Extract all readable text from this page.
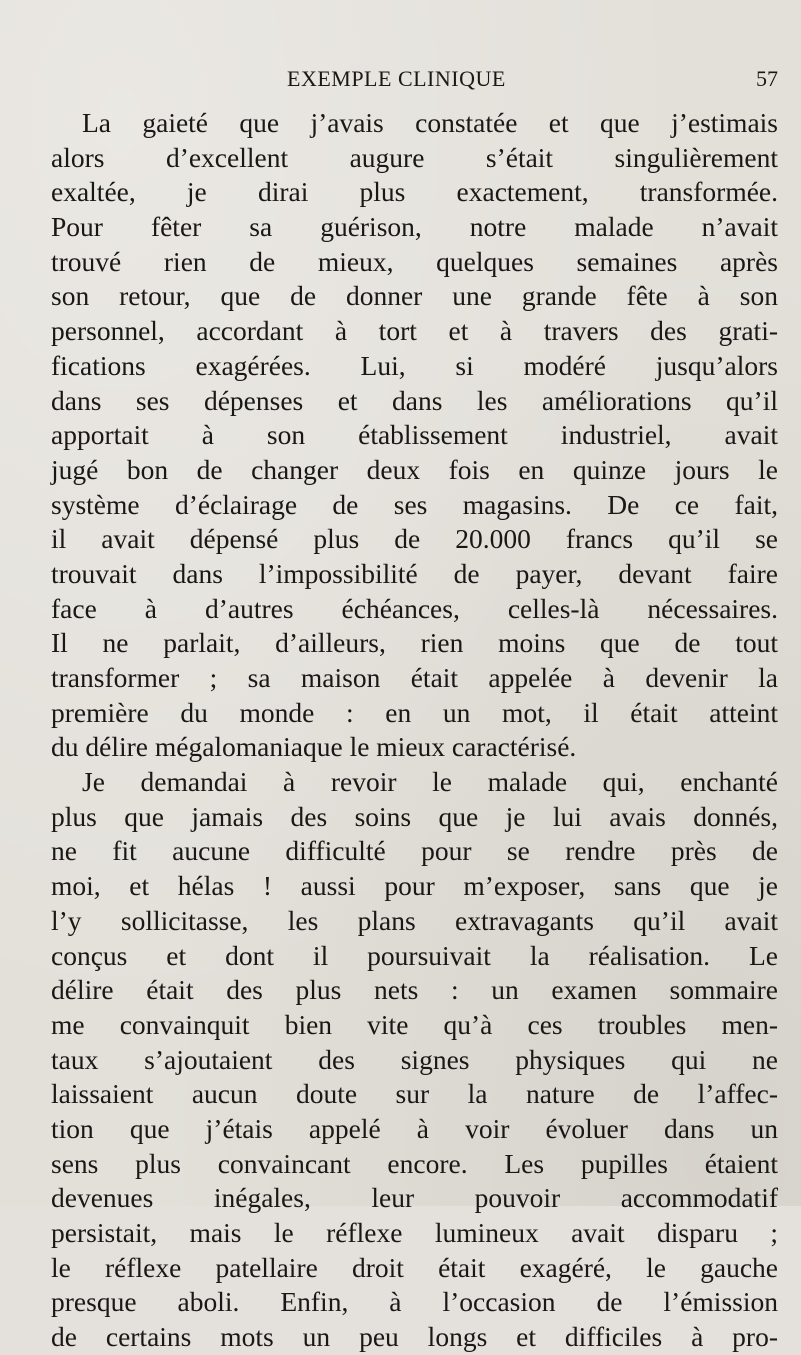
EXEMPLE CLINIQUE	57
La gaieté que j’avais constatée et que j’estimais
alors d’excellent augure s’était singulièrement
exaltée, je dirai plus exactement, transformée.
Pour fêter sa guérison, notre malade n’avait
trouvé rien de mieux, quelques semaines après
son retour, que de donner une grande fête à son
personnel, accordant à tort et à travers des grati-
fications exagérées. Lui, si modéré jusqu’alors
dans ses dépenses et dans les améliorations qu’il
apportait à son établissement industriel, avait
jugé bon de changer deux fois en quinze jours le
système d’éclairage de ses magasins. De ce fait,
il avait dépensé plus de 20.000 francs qu’il se
trouvait dans l’impossibilité de payer, devant faire
face à d’autres échéances, celles-là nécessaires.
Il ne parlait, d’ailleurs, rien moins que de tout
transformer ; sa maison était appelée à devenir la
première du monde : en un mot, il était atteint
du délire mégalomaniaque le mieux caractérisé.
Je demandai à revoir le malade qui, enchanté
plus que jamais des soins que je lui avais donnés,
ne fit aucune difficulté pour se rendre près de
moi, et hélas ! aussi pour m’exposer, sans que je
l’y sollicitasse, les plans extravagants qu’il avait
conçus et dont il poursuivait la réalisation. Le
délire était des plus nets : un examen sommaire
me convainquit bien vite qu’à ces troubles men-
taux s’ajoutaient des signes physiques qui ne
laissaient aucun doute sur la nature de l’affec-
tion que j’étais appelé à voir évoluer dans un
sens plus convaincant encore. Les pupilles étaient
devenues inégales, leur pouvoir accommodatif
persistait, mais le réflexe lumineux avait disparu ;
le réflexe patellaire droit était exagéré, le gauche
presque aboli. Enfin, à l’occasion de l’émission
de certains mots un peu longs et difficiles à pro-
